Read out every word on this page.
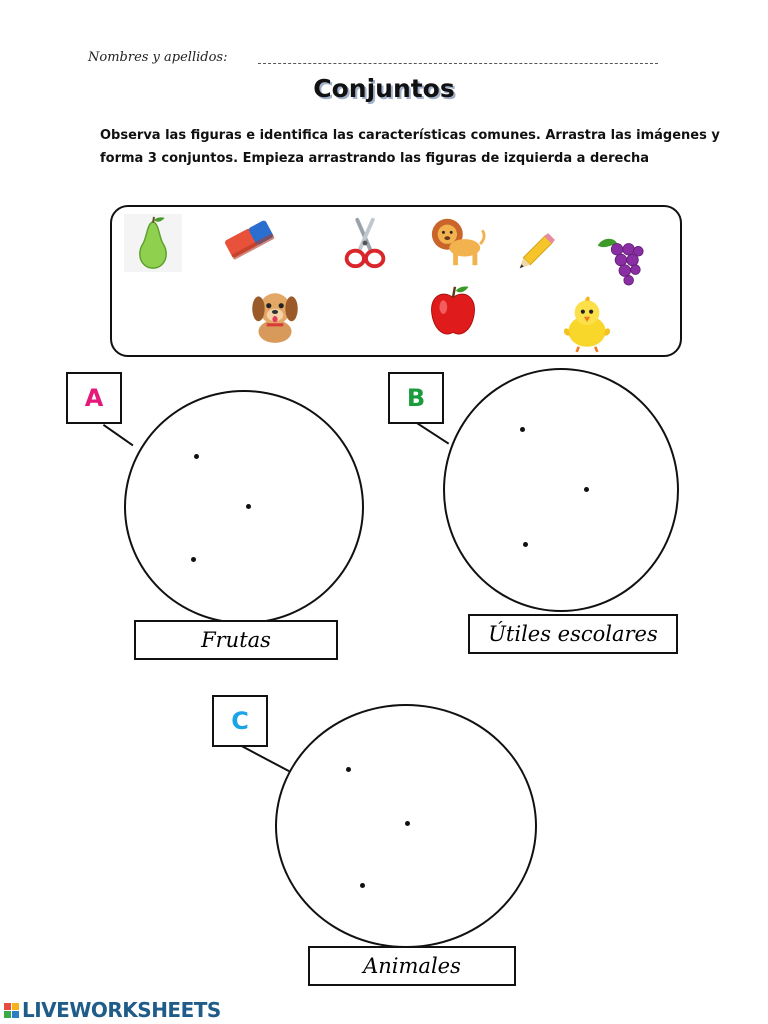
Nombres y apellidos:
Conjuntos
Observa las figuras e identifica las características comunes. Arrastra las imágenes y forma 3 conjuntos. Empieza arrastrando las figuras de izquierda a derecha
A
Frutas
B
Útiles escolares
C
Animales
LIVEWORKSHEETS
